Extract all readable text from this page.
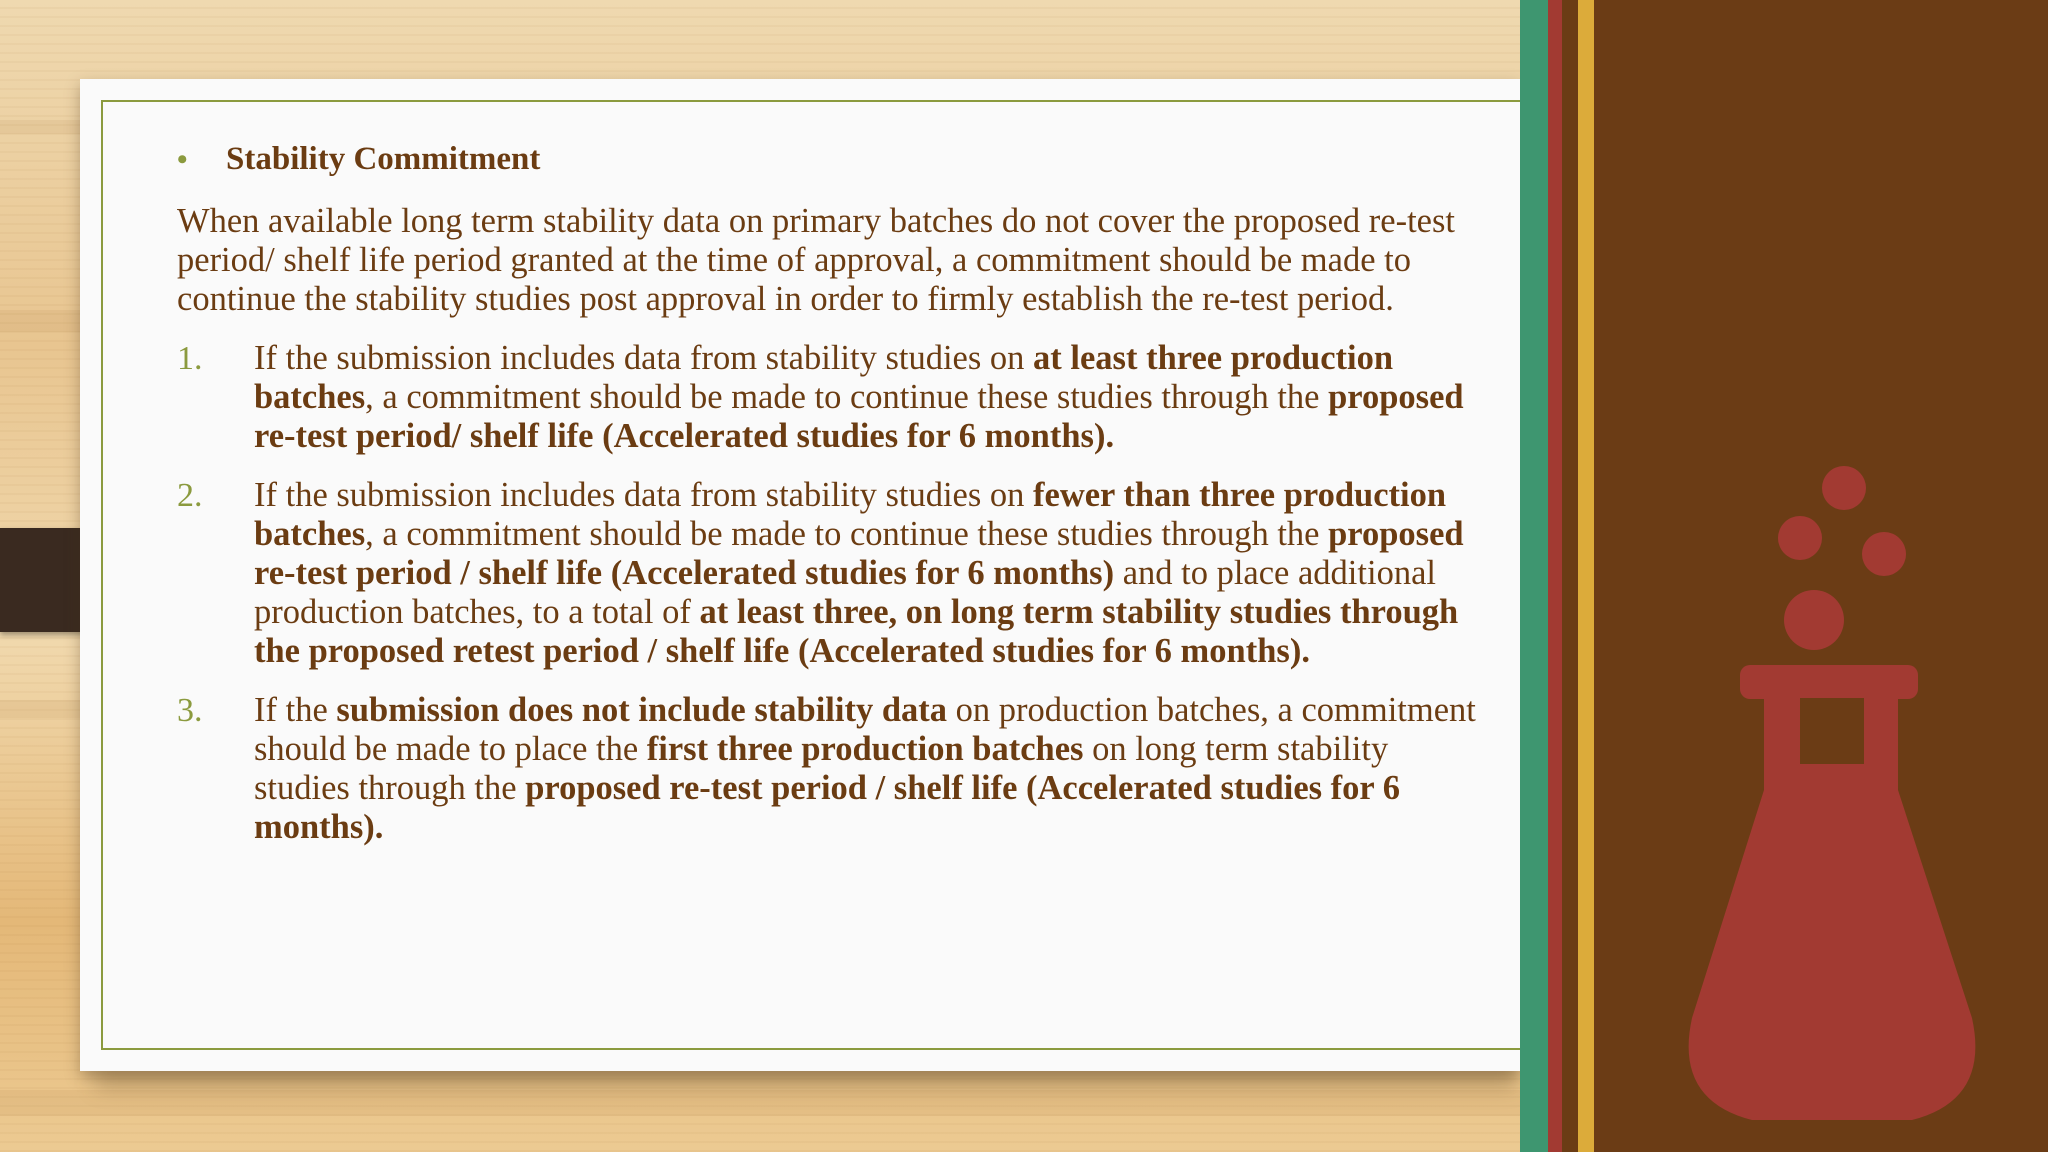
•	Stability Commitment

When available long term stability data on primary batches do not cover the proposed re-test period/ shelf life period granted at the time of approval, a commitment should be made to continue the stability studies post approval in order to firmly establish the re-test period.

1. If the submission includes data from stability studies on at least three production batches, a commitment should be made to continue these studies through the proposed re-test period/ shelf life (Accelerated studies for 6 months).
2. If the submission includes data from stability studies on fewer than three production batches, a commitment should be made to continue these studies through the proposed re-test period / shelf life (Accelerated studies for 6 months) and to place additional production batches, to a total of at least three, on long term stability studies through the proposed retest period / shelf life (Accelerated studies for 6 months).
3. If the submission does not include stability data on production batches, a commitment should be made to place the first three production batches on long term stability studies through the proposed re-test period / shelf life (Accelerated studies for 6 months).
